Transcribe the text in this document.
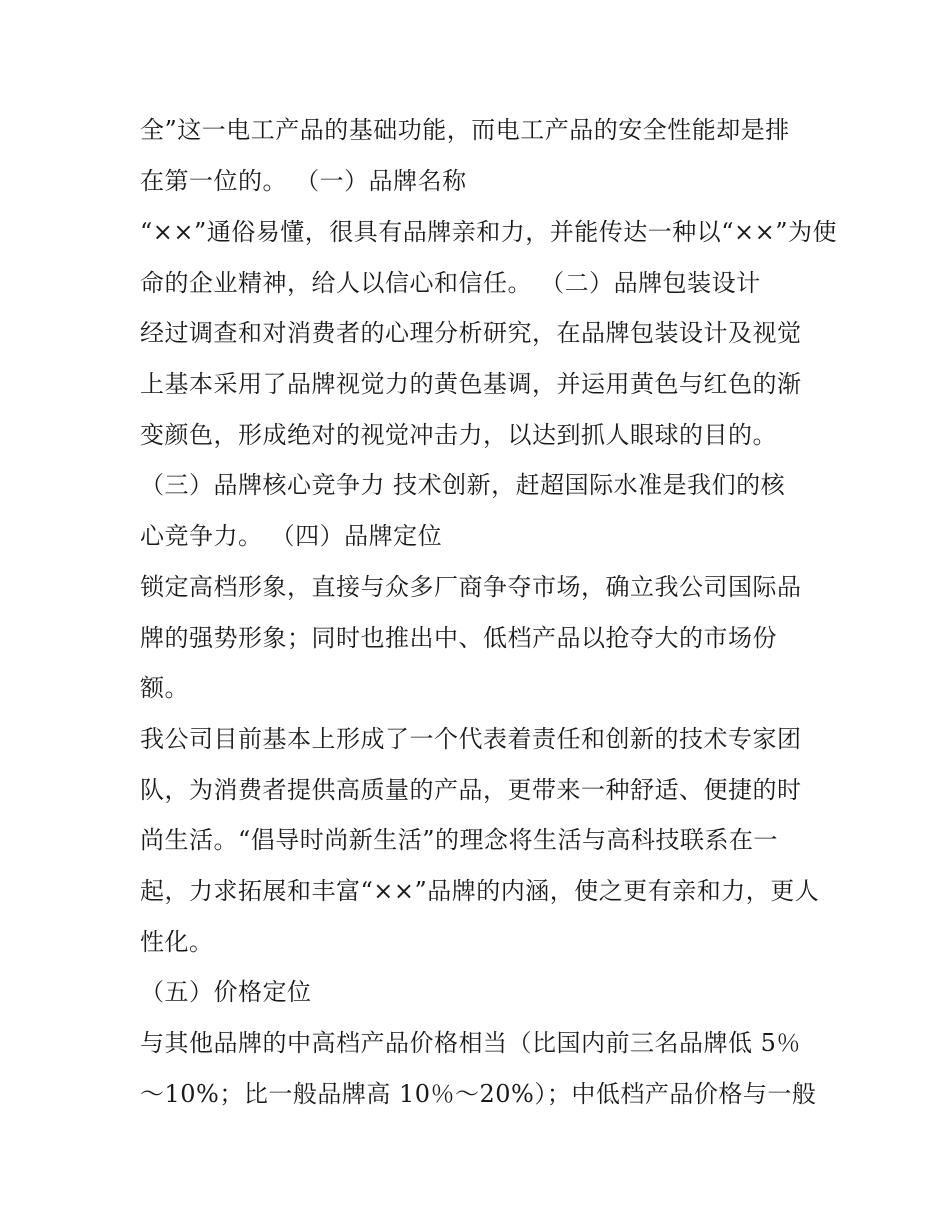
全”这一电工产品的基础功能，而电工产品的安全性能却是排
在第一位的。 （一）品牌名称
“××”通俗易懂，很具有品牌亲和力，并能传达一种以“××”为使
命的企业精神，给人以信心和信任。 （二）品牌包装设计
经过调查和对消费者的心理分析研究，在品牌包装设计及视觉
上基本采用了品牌视觉力的黄色基调，并运用黄色与红色的渐
变颜色，形成绝对的视觉冲击力，以达到抓人眼球的目的。
（三）品牌核心竞争力 技术创新，赶超国际水准是我们的核
心竞争力。 （四）品牌定位
锁定高档形象，直接与众多厂商争夺市场，确立我公司国际品
牌的强势形象；同时也推出中、低档产品以抢夺大的市场份
额。
我公司目前基本上形成了一个代表着责任和创新的技术专家团
队，为消费者提供高质量的产品，更带来一种舒适、便捷的时
尚生活。“倡导时尚新生活”的理念将生活与高科技联系在一
起，力求拓展和丰富“××”品牌的内涵，使之更有亲和力，更人
性化。
（五）价格定位
与其他品牌的中高档产品价格相当（比国内前三名品牌低 5％
～10%；比一般品牌高 10％～20%）；中低档产品价格与一般
